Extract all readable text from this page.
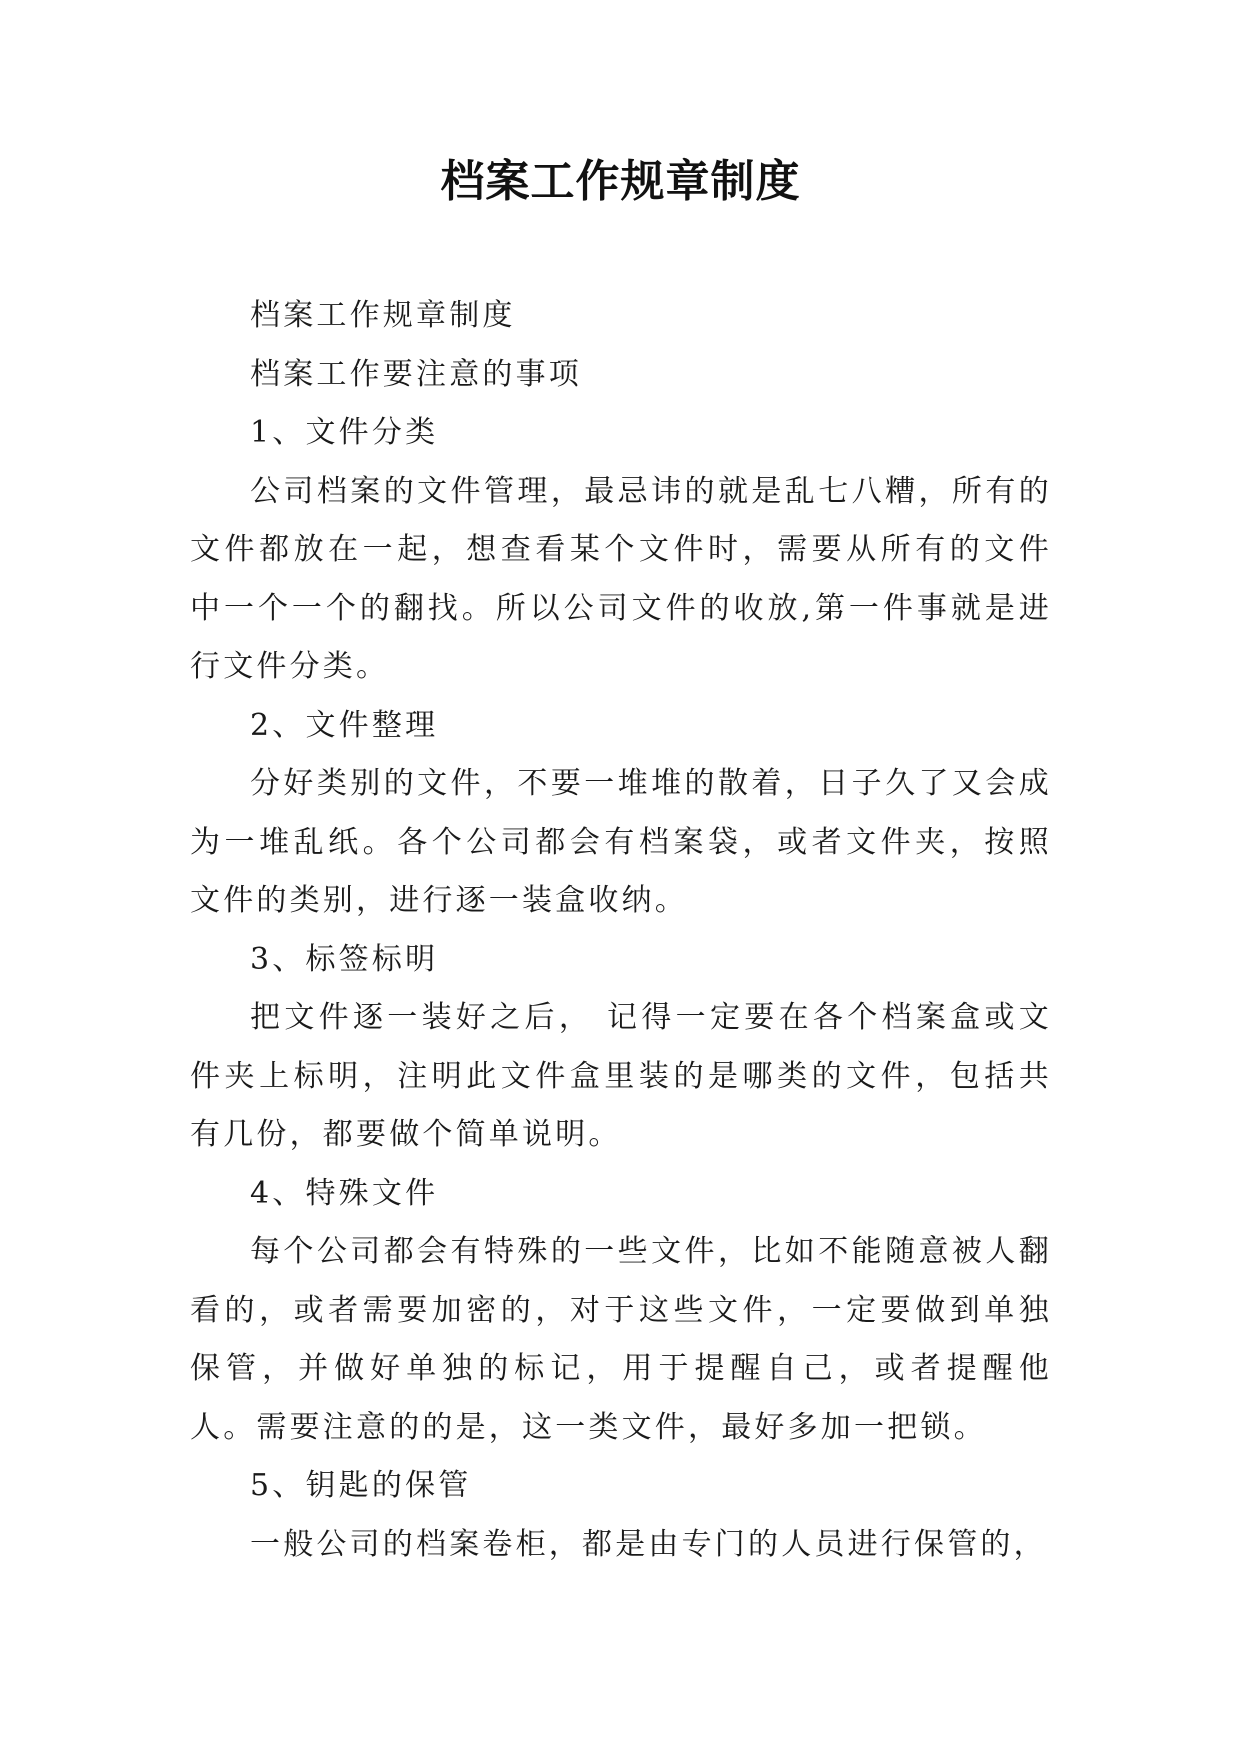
档案工作规章制度

档案工作规章制度

档案工作要注意的事项

1、文件分类

公司档案的文件管理，最忌讳的就是乱七八糟，所有的文件都放在一起，想查看某个文件时，需要从所有的文件中一个一个的翻找。所以公司文件的收放,第一件事就是进行文件分类。

2、文件整理

分好类别的文件，不要一堆堆的散着，日子久了又会成为一堆乱纸。各个公司都会有档案袋，或者文件夹，按照文件的类别，进行逐一装盒收纳。

3、标签标明

把文件逐一装好之后， 记得一定要在各个档案盒或文件夹上标明，注明此文件盒里装的是哪类的文件，包括共有几份，都要做个简单说明。

4、特殊文件

每个公司都会有特殊的一些文件，比如不能随意被人翻看的，或者需要加密的，对于这些文件，一定要做到单独保管，并做好单独的标记，用于提醒自己，或者提醒他人。需要注意的的是，这一类文件，最好多加一把锁。

5、钥匙的保管

一般公司的档案卷柜，都是由专门的人员进行保管的，
